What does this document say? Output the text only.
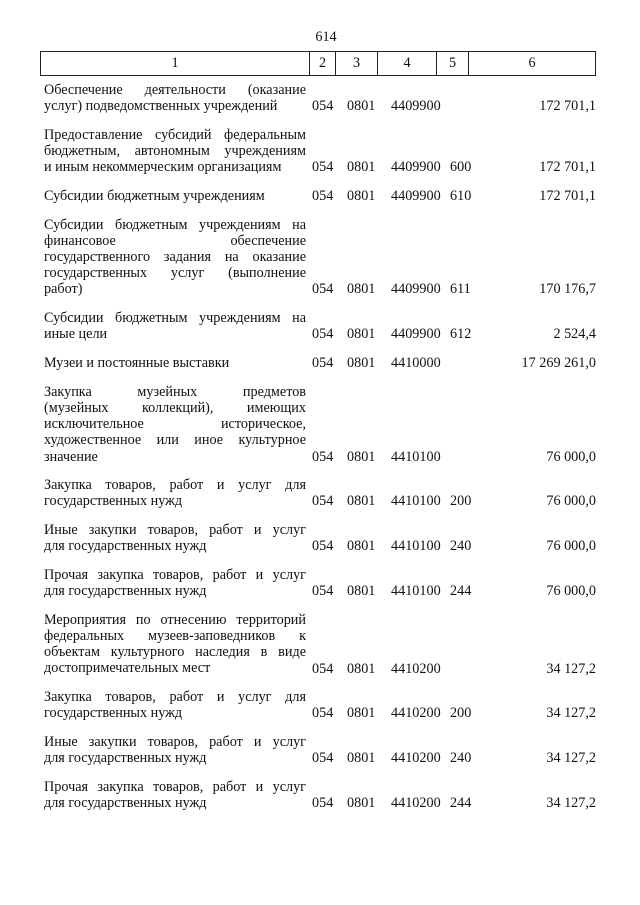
614
1	2	3	4	5	6
Обеспечение деятельности (оказание
услуг) подведомственных учреждений	054 0801 4409900	172 701,1
Предоставление субсидий федеральным
бюджетным, автономным учреждениям
и иным некоммерческим организациям	054 0801 4409900 600	172 701,1
Субсидии бюджетным учреждениям	054 0801 4409900 610	172 701,1
Субсидии бюджетным учреждениям на
финансовое обеспечение
государственного задания на оказание
государственных услуг (выполнение
работ)	054 0801 4409900 611	170 176,7
Субсидии бюджетным учреждениям на
иные цели	054 0801 4409900 612	2 524,4
Музеи и постоянные выставки	054 0801 4410000	17 269 261,0
Закупка музейных предметов
(музейных коллекций), имеющих
исключительное историческое,
художественное или иное культурное
значение	054 0801 4410100	76 000,0
Закупка товаров, работ и услуг для
государственных нужд	054 0801 4410100 200	76 000,0
Иные закупки товаров, работ и услуг
для государственных нужд	054 0801 4410100 240	76 000,0
Прочая закупка товаров, работ и услуг
для государственных нужд	054 0801 4410100 244	76 000,0
Мероприятия по отнесению территорий
федеральных музеев-заповедников к
объектам культурного наследия в виде
достопримечательных мест	054 0801 4410200	34 127,2
Закупка товаров, работ и услуг для
государственных нужд	054 0801 4410200 200	34 127,2
Иные закупки товаров, работ и услуг
для государственных нужд	054 0801 4410200 240	34 127,2
Прочая закупка товаров, работ и услуг
для государственных нужд	054 0801 4410200 244	34 127,2
